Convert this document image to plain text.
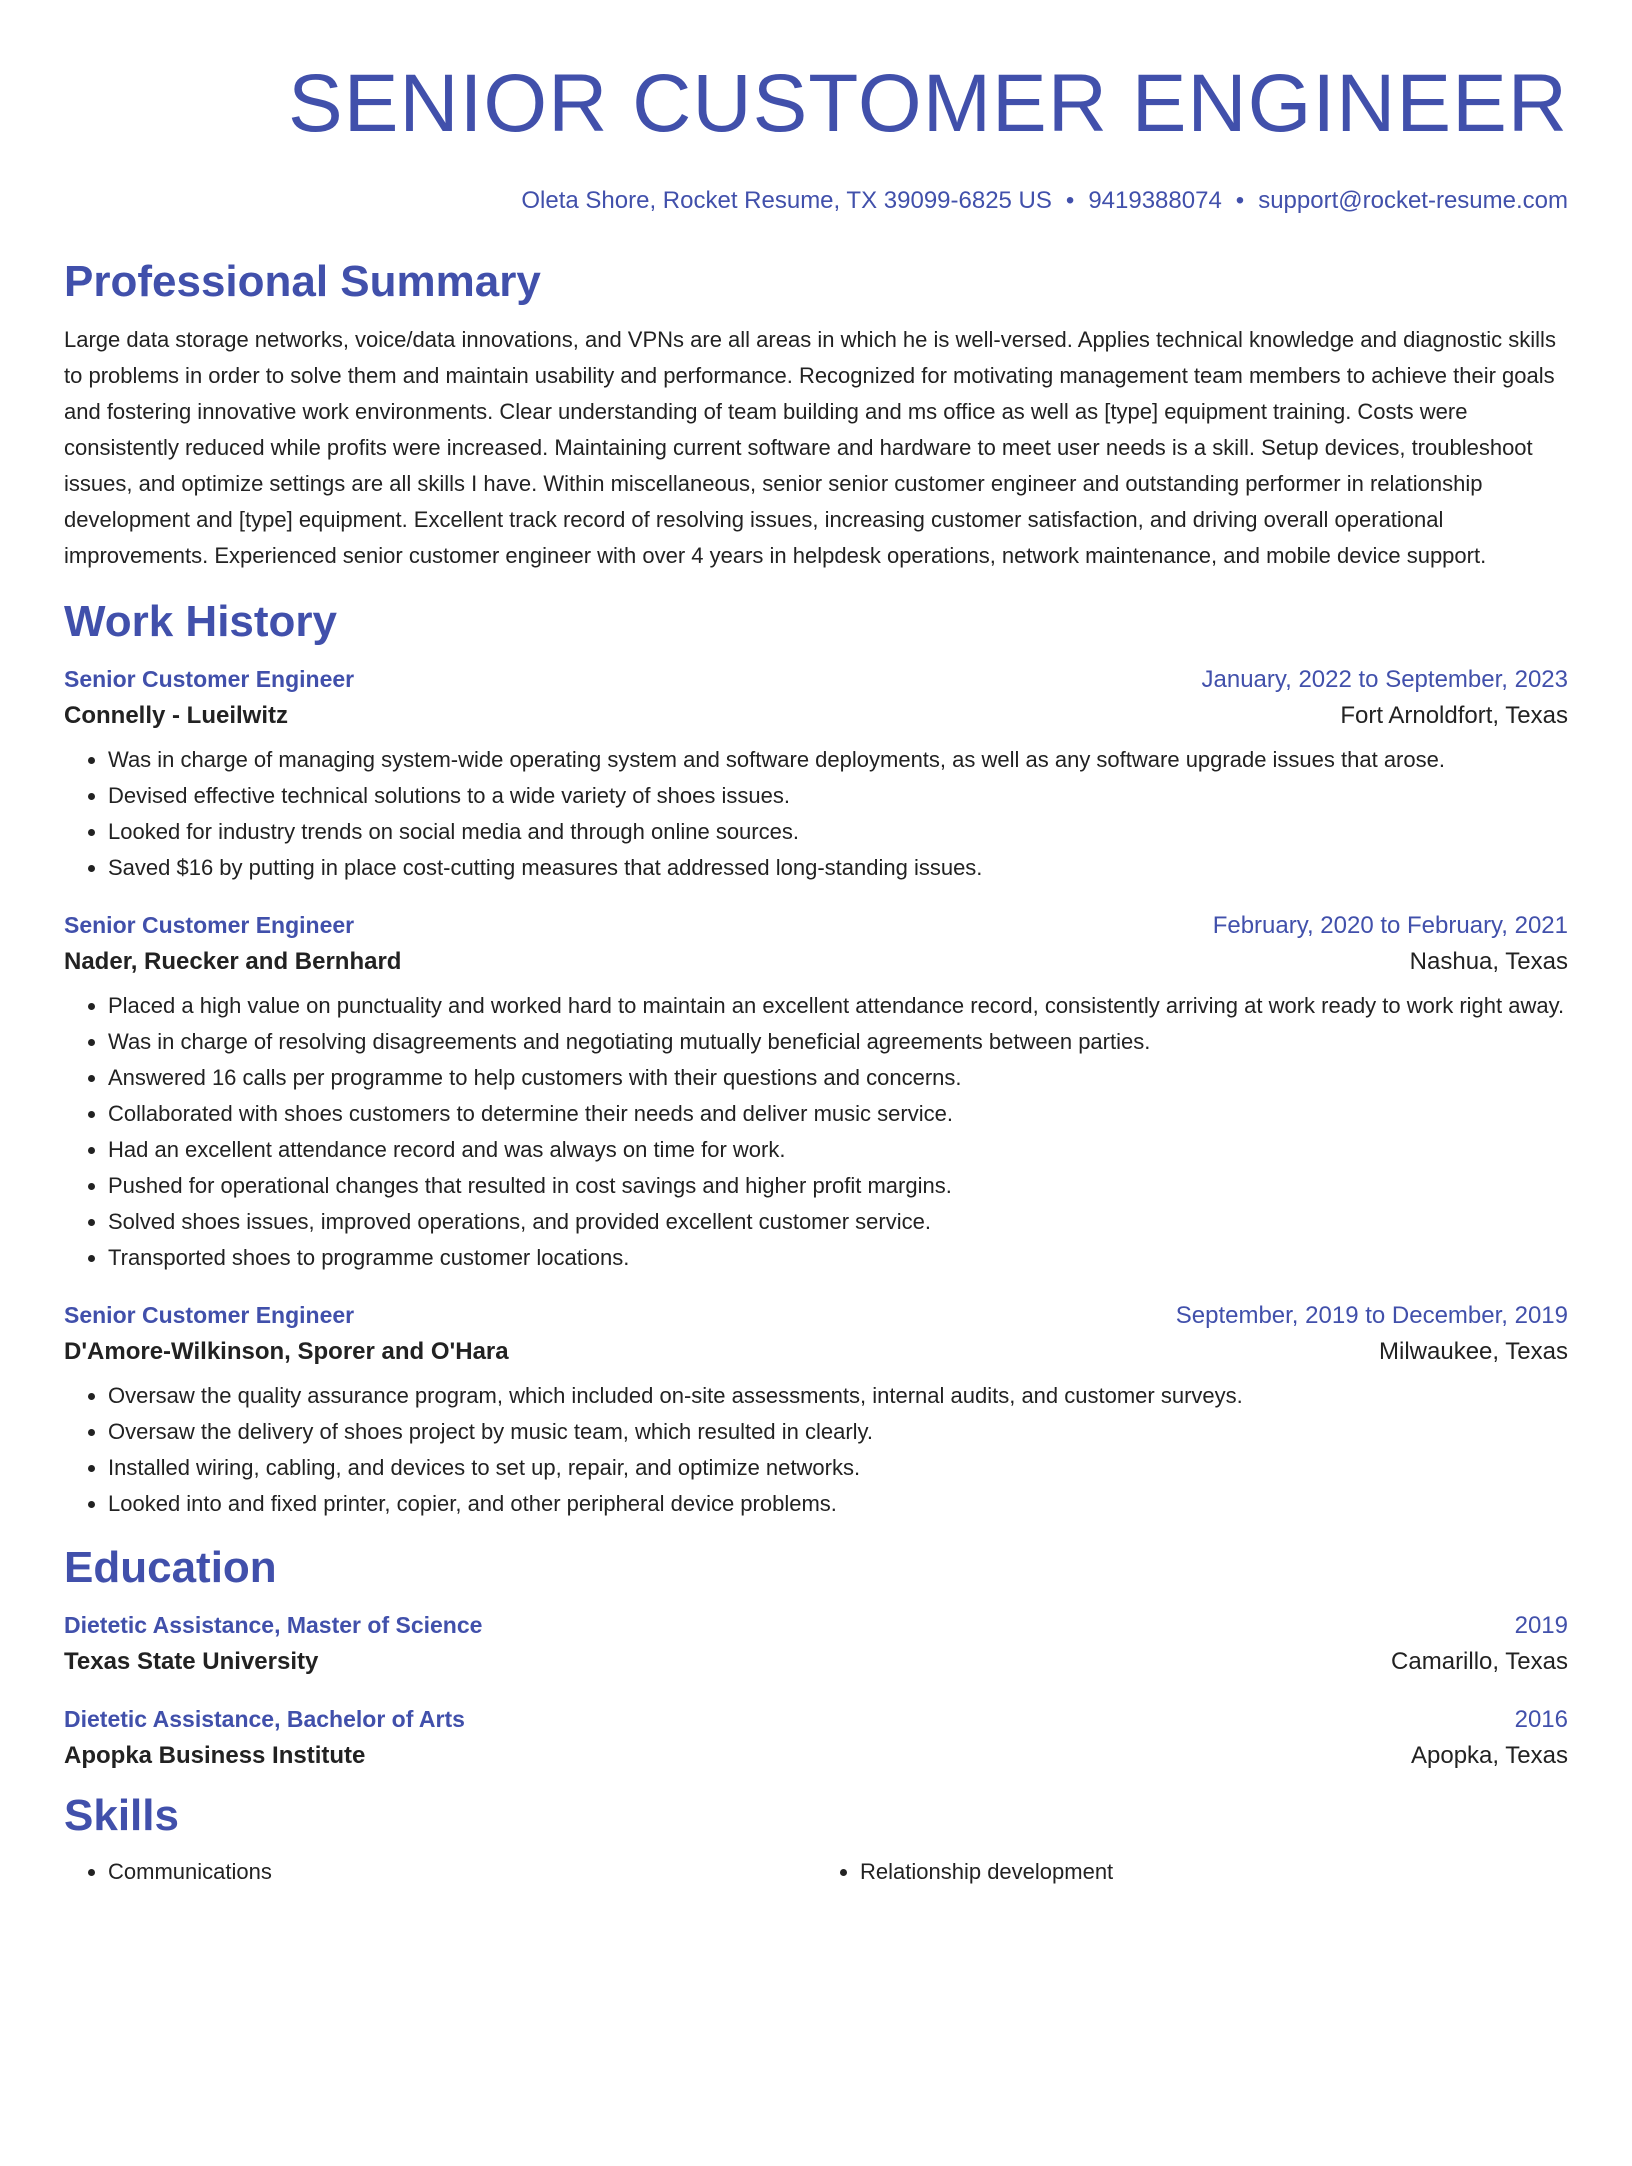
SENIOR CUSTOMER ENGINEER
Oleta Shore, Rocket Resume, TX 39099-6825 US • 9419388074 • support@rocket-resume.com
Professional Summary

Large data storage networks, voice/data innovations, and VPNs are all areas in which he is well-versed. Applies technical knowledge and diagnostic skills to problems in order to solve them and maintain usability and performance. Recognized for motivating management team members to achieve their goals and fostering innovative work environments. Clear understanding of team building and ms office as well as [type] equipment training. Costs were consistently reduced while profits were increased. Maintaining current software and hardware to meet user needs is a skill. Setup devices, troubleshoot issues, and optimize settings are all skills I have. Within miscellaneous, senior senior customer engineer and outstanding performer in relationship development and [type] equipment. Excellent track record of resolving issues, increasing customer satisfaction, and driving overall operational improvements. Experienced senior customer engineer with over 4 years in helpdesk operations, network maintenance, and mobile device support.

Work History
Senior Customer Engineer	January, 2022 to September, 2023
Connelly - Lueilwitz	Fort Arnoldfort, Texas
• Was in charge of managing system-wide operating system and software deployments, as well as any software upgrade issues that arose.
• Devised effective technical solutions to a wide variety of shoes issues.
• Looked for industry trends on social media and through online sources.
• Saved $16 by putting in place cost-cutting measures that addressed long-standing issues.
Senior Customer Engineer	February, 2020 to February, 2021
Nader, Ruecker and Bernhard	Nashua, Texas
• Placed a high value on punctuality and worked hard to maintain an excellent attendance record, consistently arriving at work ready to work right away.
• Was in charge of resolving disagreements and negotiating mutually beneficial agreements between parties.
• Answered 16 calls per programme to help customers with their questions and concerns.
• Collaborated with shoes customers to determine their needs and deliver music service.
• Had an excellent attendance record and was always on time for work.
• Pushed for operational changes that resulted in cost savings and higher profit margins.
• Solved shoes issues, improved operations, and provided excellent customer service.
• Transported shoes to programme customer locations.
Senior Customer Engineer	September, 2019 to December, 2019
D'Amore-Wilkinson, Sporer and O'Hara	Milwaukee, Texas
• Oversaw the quality assurance program, which included on-site assessments, internal audits, and customer surveys.
• Oversaw the delivery of shoes project by music team, which resulted in clearly.
• Installed wiring, cabling, and devices to set up, repair, and optimize networks.
• Looked into and fixed printer, copier, and other peripheral device problems.
Education
Dietetic Assistance, Master of Science	2019
Texas State University	Camarillo, Texas
Dietetic Assistance, Bachelor of Arts	2016
Apopka Business Institute	Apopka, Texas
Skills
• Communications
•	Relationship development
